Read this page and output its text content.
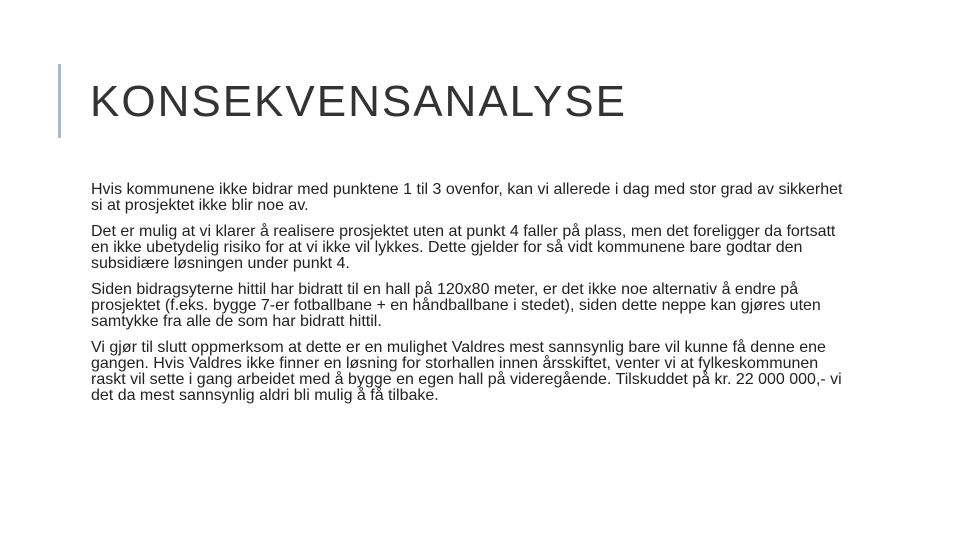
KONSEKVENSANALYSE

Hvis kommunene ikke bidrar med punktene 1 til 3 ovenfor, kan vi allerede i dag med stor grad av sikkerhet si at prosjektet ikke blir noe av.

Det er mulig at vi klarer å realisere prosjektet uten at punkt 4 faller på plass, men det foreligger da fortsatt en ikke ubetydelig risiko for at vi ikke vil lykkes. Dette gjelder for så vidt kommunene bare godtar den subsidiære løsningen under punkt 4.

Siden bidragsyterne hittil har bidratt til en hall på 120x80 meter, er det ikke noe alternativ å endre på prosjektet (f.eks. bygge 7-er fotballbane + en håndballbane i stedet), siden dette neppe kan gjøres uten samtykke fra alle de som har bidratt hittil.

Vi gjør til slutt oppmerksom at dette er en mulighet Valdres mest sannsynlig bare vil kunne få denne ene gangen. Hvis Valdres ikke finner en løsning for storhallen innen årsskiftet, venter vi at fylkeskommunen raskt vil sette i gang arbeidet med å bygge en egen hall på videregående. Tilskuddet på kr. 22 000 000,- vi det da mest sannsynlig aldri bli mulig å få tilbake.
